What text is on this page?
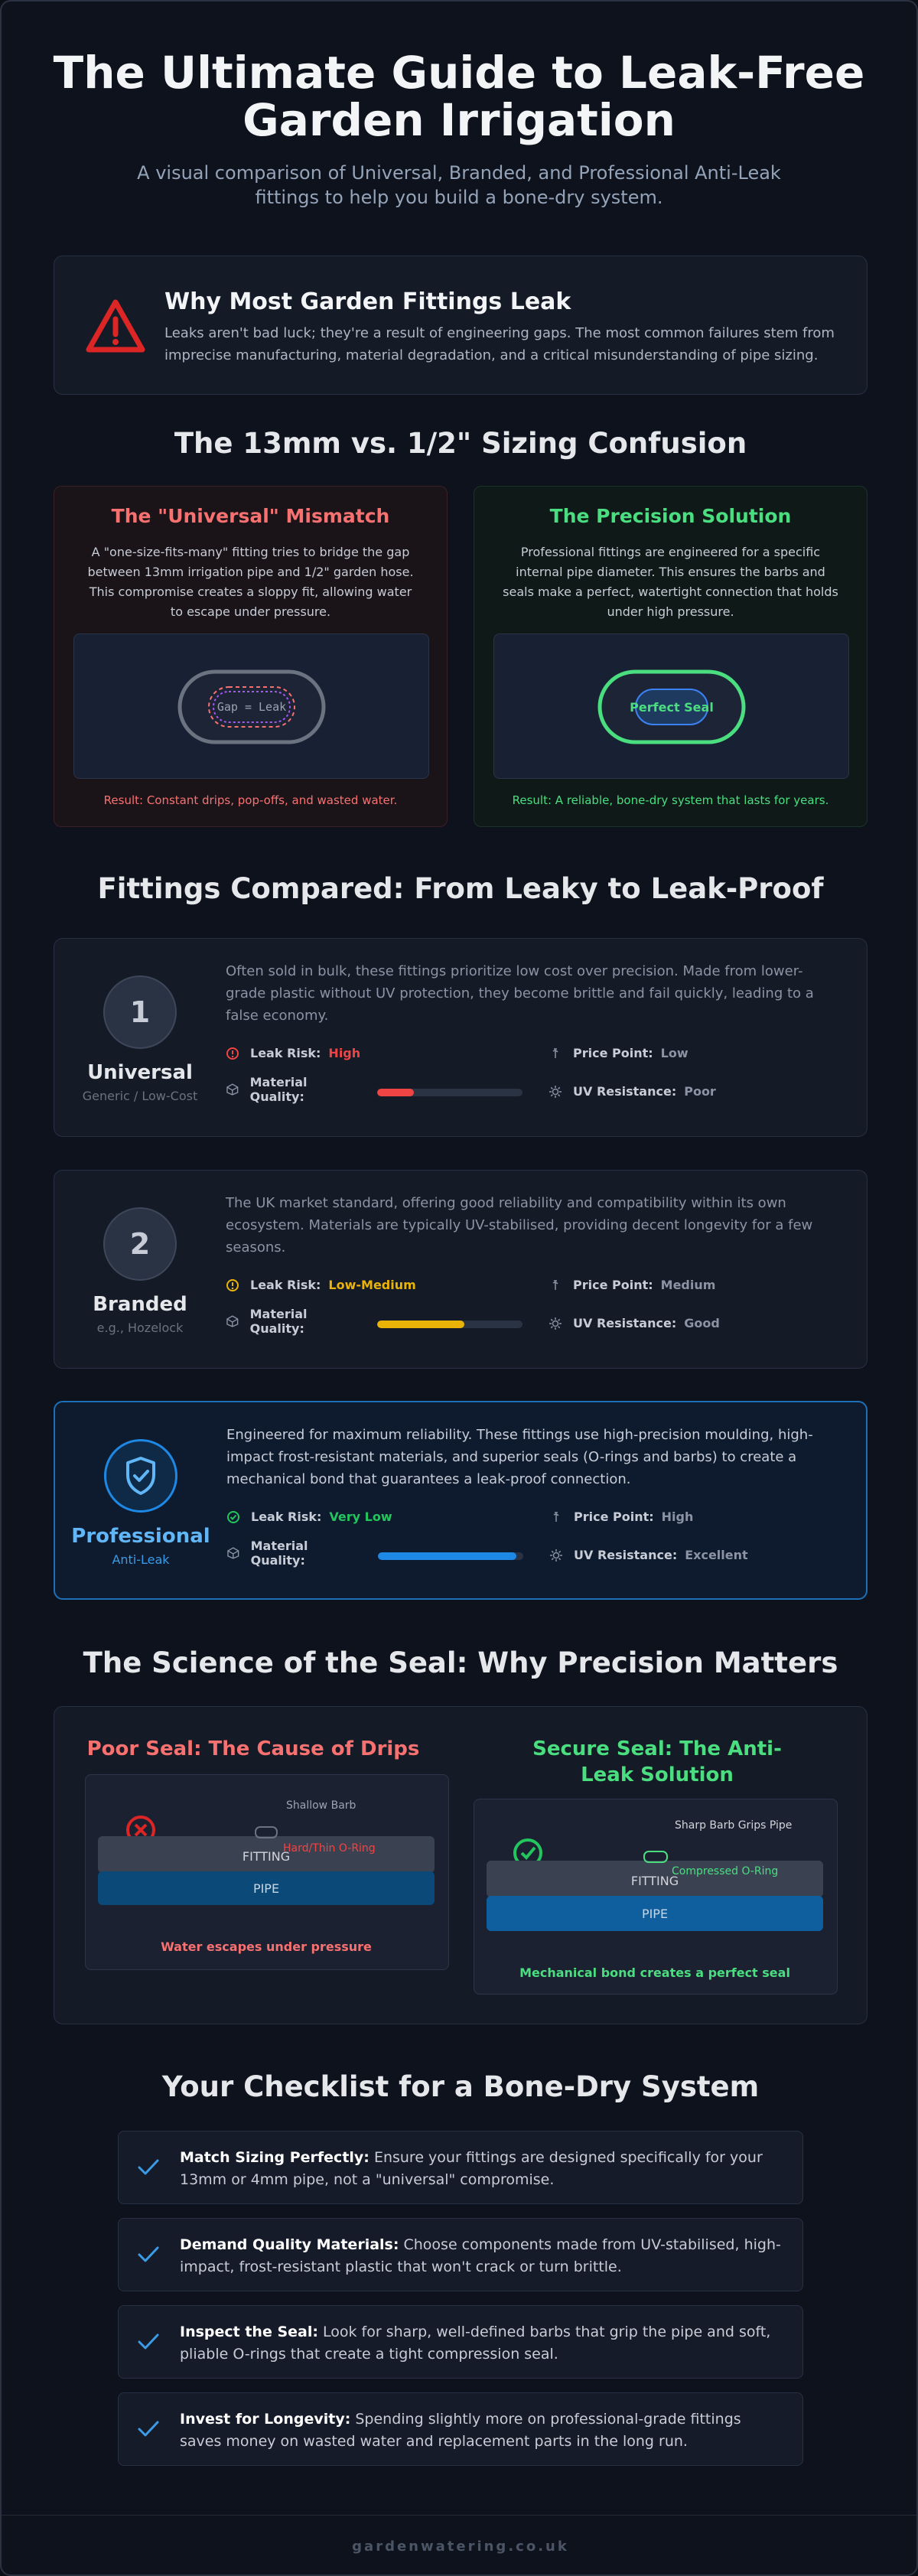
The Ultimate Guide to Leak-Free Garden Irrigation

A visual comparison of Universal, Branded, and Professional Anti-Leak fittings to help you build a bone-dry system.

Why Most Garden Fittings Leak

Leaks aren't bad luck; they're a result of engineering gaps. The most common failures stem from imprecise manufacturing, material degradation, and a critical misunderstanding of pipe sizing.

The 13mm vs. 1/2" Sizing Confusion
The "Universal" Mismatch

A "one-size-fits-many" fitting tries to bridge the gap between 13mm irrigation pipe and 1/2" garden hose. This compromise creates a sloppy fit, allowing water to escape under pressure.

Gap = Leak
Result: Constant drips, pop-offs, and wasted water.
The Precision Solution

Professional fittings are engineered for a specific internal pipe diameter. This ensures the barbs and seals make a perfect, watertight connection that holds under high pressure.

Perfect Seal
Result: A reliable, bone-dry system that lasts for years.
Fittings Compared: From Leaky to Leak-Proof
1
Universal
Generic / Low-Cost

Often sold in bulk, these fittings prioritize low cost over precision. Made from lower-grade plastic without UV protection, they become brittle and fail quickly, leading to a false economy.

Leak Risk: High	Price Point: Low
Material Quality:	UV Resistance: Poor
2
Branded
e.g., Hozelock

The UK market standard, offering good reliability and compatibility within its own ecosystem. Materials are typically UV-stabilised, providing decent longevity for a few seasons.

Leak Risk: Low-Medium	Price Point: Medium
Material Quality:	UV Resistance: Good
Professional
Anti-Leak

Engineered for maximum reliability. These fittings use high-precision moulding, high-impact frost-resistant materials, and superior seals (O-rings and barbs) to create a mechanical bond that guarantees a leak-proof connection.

Leak Risk: Very Low	Price Point: High
Material Quality:	UV Resistance: Excellent
The Science of the Seal: Why Precision Matters
Poor Seal: The Cause of Drips
Shallow Barb
Hard/Thin O-Ring
FITTING
PIPE
Water escapes under pressure
Secure Seal: The Anti-Leak Solution
Sharp Barb Grips Pipe
Compressed O-Ring
FITTING
PIPE
Mechanical bond creates a perfect seal
Your Checklist for a Bone-Dry System

Match Sizing Perfectly: Ensure your fittings are designed specifically for your 13mm or 4mm pipe, not a "universal" compromise.

Demand Quality Materials: Choose components made from UV-stabilised, high-impact, frost-resistant plastic that won't crack or turn brittle.

Inspect the Seal: Look for sharp, well-defined barbs that grip the pipe and soft, pliable O-rings that create a tight compression seal.

Invest for Longevity: Spending slightly more on professional-grade fittings saves money on wasted water and replacement parts in the long run.

gardenwatering.co.uk
